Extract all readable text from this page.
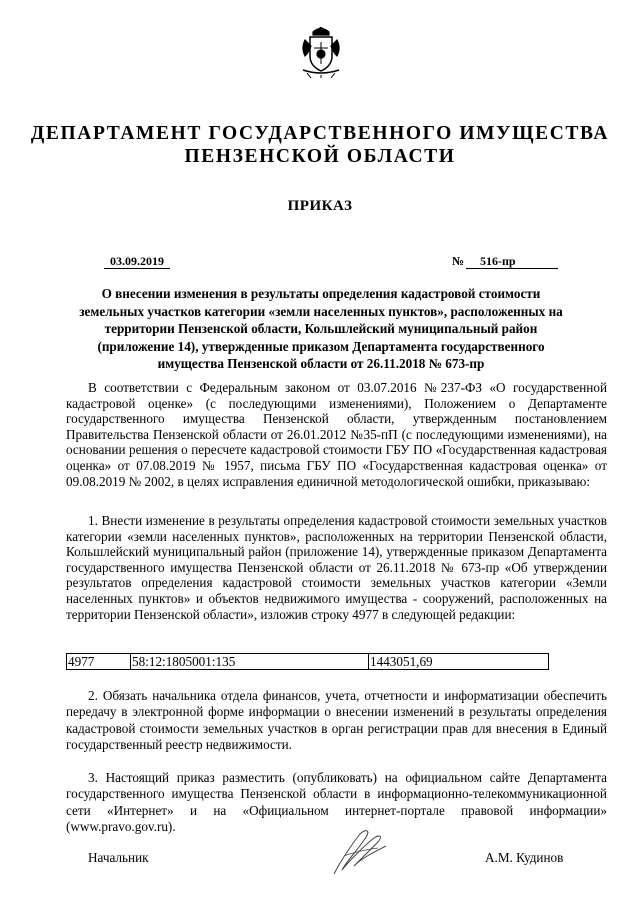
ДЕПАРТАМЕНТ ГОСУДАРСТВЕННОГО ИМУЩЕСТВА
ПЕНЗЕНСКОЙ ОБЛАСТИ
ПРИКАЗ
03.09.2019	№	516-пр
О внесении изменения в результаты определения кадастровой стоимости земельных участков категории «земли населенных пунктов», расположенных на территории Пензенской области, Кольшлейский муниципальный район (приложение 14), утвержденные приказом Департамента государственного имущества Пензенской области от 26.11.2018 № 673-пр
В соответствии с Федеральным законом от 03.07.2016 №237-ФЗ «О государственной кадастровой оценке» (с последующими изменениями), Положением о Департаменте государственного имущества Пензенской области, утвержденным постановлением Правительства Пензенской области от 26.01.2012 №35-пП (с последующими изменениями), на основании решения о пересчете кадастровой стоимости ГБУ ПО «Государственная кадастровая оценка» от 07.08.2019 № 1957, письма ГБУ ПО «Государственная кадастровая оценка» от 09.08.2019 № 2002, в целях исправления единичной методологической ошибки, приказываю:
1. Внести изменение в результаты определения кадастровой стоимости земельных участков категории «земли населенных пунктов», расположенных на территории Пензенской области, Кольшлейский муниципальный район (приложение 14), утвержденные приказом Департамента государственного имущества Пензенской области от 26.11.2018 № 673-пр «Об утверждении результатов определения кадастровой стоимости земельных участков категории «Земли населенных пунктов» и объектов недвижимого имущества - сооружений, расположенных на территории Пензенской области», изложив строку 4977 в следующей редакции:
4977	58:12:1805001:135	1443051,69
2. Обязать начальника отдела финансов, учета, отчетности и информатизации обеспечить передачу в электронной форме информации о внесении изменений в результаты определения кадастровой стоимости земельных участков в орган регистрации прав для внесения в Единый государственный реестр недвижимости.
3. Настоящий приказ разместить (опубликовать) на официальном сайте Департамента государственного имущества Пензенской области в информационно-телекоммуникационной сети «Интернет» и на «Официальном интернет-портале правовой информации» (www.pravo.gov.ru).
Начальник	А.М. Кудинов
